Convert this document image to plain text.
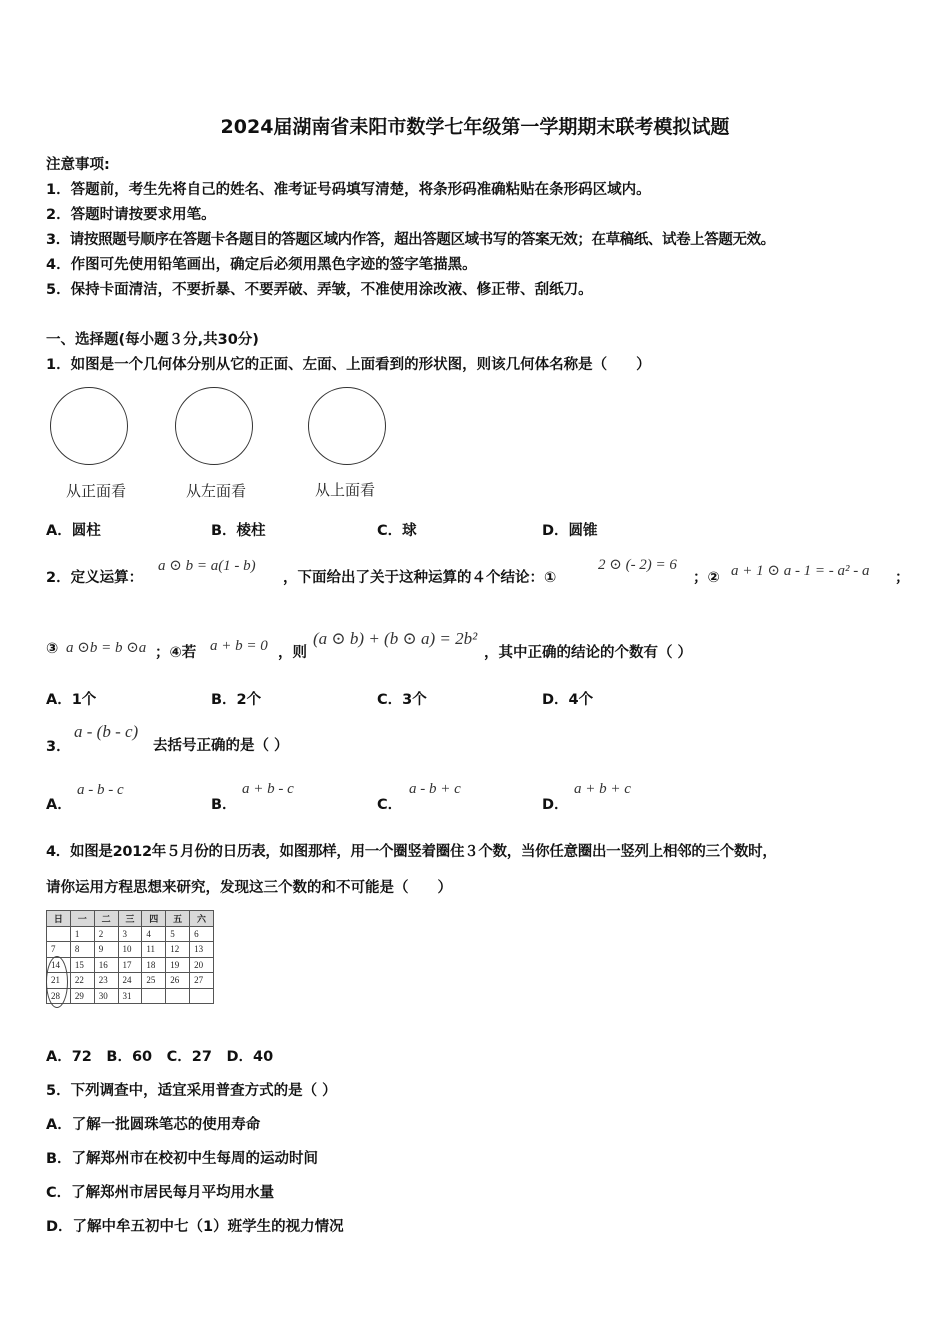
2024届湖南省耒阳市数学七年级第一学期期末联考模拟试题
注意事项:
1．答题前，考生先将自己的姓名、准考证号码填写清楚，将条形码准确粘贴在条形码区域内。
2．答题时请按要求用笔。
3．请按照题号顺序在答题卡各题目的答题区域内作答，超出答题区域书写的答案无效；在草稿纸、试卷上答题无效。
4．作图可先使用铅笔画出，确定后必须用黑色字迹的签字笔描黑。
5．保持卡面清洁，不要折暴、不要弄破、弄皱，不准使用涂改液、修正带、刮纸刀。
一、选择题(每小题３分,共30分)
1．如图是一个几何体分别从它的正面、左面、上面看到的形状图，则该几何体名称是（　　）
从正面看	从左面看	从上面看
A．圆柱	B．棱柱	C．球	D．圆锥
2．定义运算：
a ⊙ b = a(1 - b)
，下面给出了关于这种运算的４个结论：①
2 ⊙ (- 2) = 6
；② a + 1 ⊙ a - 1 = - a² - a ；
③ a ⊙b = b ⊙a ；④若 a + b = 0 ，则
(a ⊙ b) + (b ⊙ a) = 2b²
，其中正确的结论的个数有（ ）
A．1个	B．2个	C．3个	D．4个
3．
a - (b - c)
去括号正确的是（ ）
A．
a - b - c
B．
a + b - c
C．
a - b + c
D．
a + b + c
4．如图是2012年５月份的日历表，如图那样，用一个圈竖着圈住３个数，当你任意圈出一竖列上相邻的三个数时，
请你运用方程思想来研究，发现这三个数的和不可能是（　　）
日	一	二	三	四	五	六
	1	2	3	4	5	6
7	8	9	10	11	12	13
14	15	16	17	18	19	20
21	22	23	24	25	26	27
28	29	30	31			
A．72　B．60　C．27　D．40
5．下列调查中，适宜采用普查方式的是（ ）
A．了解一批圆珠笔芯的使用寿命
B．了解郑州市在校初中生每周的运动时间
C．了解郑州市居民每月平均用水量
D．了解中牟五初中七（1）班学生的视力情况
